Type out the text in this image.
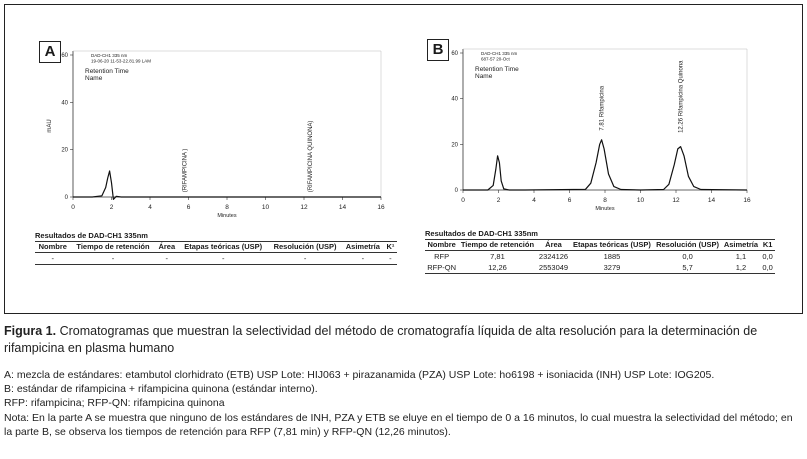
DAD-CH1 335 nm
19-06-20 11-53-22.81.99 LAM
Retention Time
Name
0	2	4	6	8	10	12	14	16
Minutes
0
20
40
60
mAU
(RIFAMPICINA )	(RIFAMPICINA QUINONA)
A
Resultados de DAD-CH1 335nm
Nombre	Tiempo de retención	Área	Etapas teóricas (USP)	Resolución (USP)	Asimetría	K¹
-	-	-	-	-	-	-
DAD-CH1 335 nm
687-57 20-Oct
Retention Time
Name
0	2	4	6	8	10	12	14	16
Minutes
0
20
40
60
7.81 Rifampicina	12.26 Rifampicina Quinona
B
Resultados de DAD-CH1 335nm
Nombre	Tiempo de retención	Área	Etapas teóricas (USP)	Resolución (USP)	Asimetría	K1
RFP	7,81	2324126	1885	0,0	1,1	0,0
RFP-QN	12,26	2553049	3279	5,7	1,2	0,0
Figura 1. Cromatogramas que muestran la selectividad del método de cromatografía líquida de alta resolución para la determinación de rifampicina en plasma humano
A: mezcla de estándares: etambutol clorhidrato (ETB) USP Lote: HIJ063 + pirazanamida (PZA) USP Lote: ho6198 + isoniacida (INH) USP Lote: IOG205.
B: estándar de rifampicina + rifampicina quinona (estándar interno).
RFP: rifampicina; RFP-QN: rifampicina quinona
Nota: En la parte A se muestra que ninguno de los estándares de INH, PZA y ETB se eluye en el tiempo de 0 a 16 minutos, lo cual muestra la selectividad del método; en la parte B, se observa los tiempos de retención para RFP (7,81 min) y RFP-QN (12,26 minutos).
